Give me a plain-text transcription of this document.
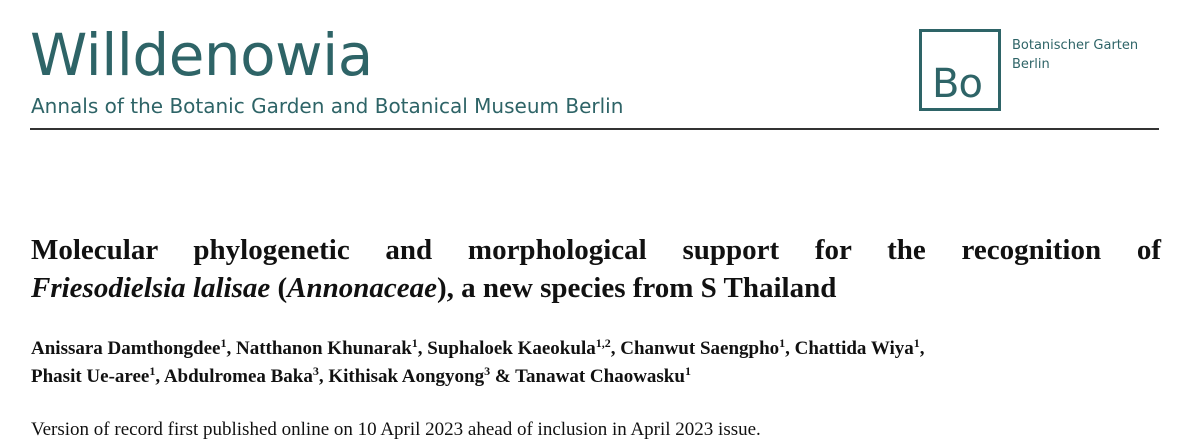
Willdenowia
Annals of the Botanic Garden and Botanical Museum Berlin	Bo
Botanischer Garten
Berlin
Molecular phylogenetic and morphological support for the recognition of
Friesodielsia lalisae (Annonaceae), a new species from S Thailand
Anissara Damthongdee$^1$, Natthanon Khunarak$^1$, Suphaloek Kaeokula$^{1,2}$, Chanwut Saengpho$^1$, Chattida Wiya$^1$,
Phasit Ue-aree$^1$, Abdulromea Baka$^3$, Kithisak Aongyong$^3$ & Tanawat Chaowasku$^1$
Version of record first published online on 10 April 2023 ahead of inclusion in April 2023 issue.
